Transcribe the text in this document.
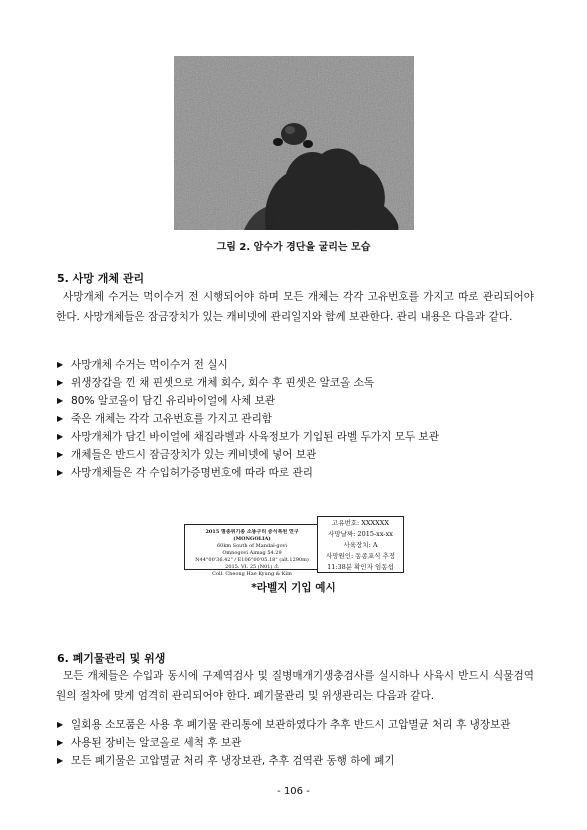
그림 2. 암수가 경단을 굴리는 모습

5. 사망 개체 관리

사망개체 수거는 먹이수거 전 시행되어야 하며 모든 개체는 각각 고유번호를 가지고 따로 관리되어야 한다. 사망개체들은 잠금장치가 있는 캐비넷에 관리일지와 함께 보관한다. 관리 내용은 다음과 같다.

▶ 사망개체 수거는 먹이수거 전 실시
▶ 위생장갑을 낀 채 핀셋으로 개체 회수, 회수 후 핀셋은 알코올 소독
▶ 80% 알코올이 담긴 유리바이얼에 사체 보관
▶ 죽은 개체는 각각 고유번호를 가지고 관리함
▶ 사망개체가 담긴 바이얼에 채집라벨과 사육정보가 기입된 라벨 두가지 모두 보관
▶ 개체들은 반드시 잠금장치가 있는 케비넷에 넣어 보관
▶ 사망개체들은 각 수입허가증명번호에 따라 따로 관리
2015 멸종위기종 소똥구리 증식복원 연구
(MONGOLIA)
60km South of Mandal-govi
Omnogovi Aimag 54.29
N44°00'36.42" / E106°00'05.18" (alt.1290m)
2015. VI. 25 (N01) 소
Coll. Cheong Hae Kyung & Kim
고유번호: XXXXXX
사망날짜: 2015-xx-xx
사육장치: A
사망원인: 동종포식 추정
11:38분 확인자 임동섭

*라벨지 기입 예시

6. 폐기물관리 및 위생

모든 개체들은 수입과 동시에 구제역검사 및 질병매개기생충검사를 실시하나 사육시 반드시 식물검역원의 절차에 맞게 엄격히 관리되어야 한다. 폐기물관리 및 위생관리는 다음과 같다.

▶ 일회용 소모품은 사용 후 폐기물 관리통에 보관하였다가 추후 반드시 고압멸균 처리 후 냉장보관
▶ 사용된 장비는 알코올로 세척 후 보관
▶ 모든 폐기물은 고압멸균 처리 후 냉장보관, 추후 검역관 동행 하에 폐기

- 106 -
